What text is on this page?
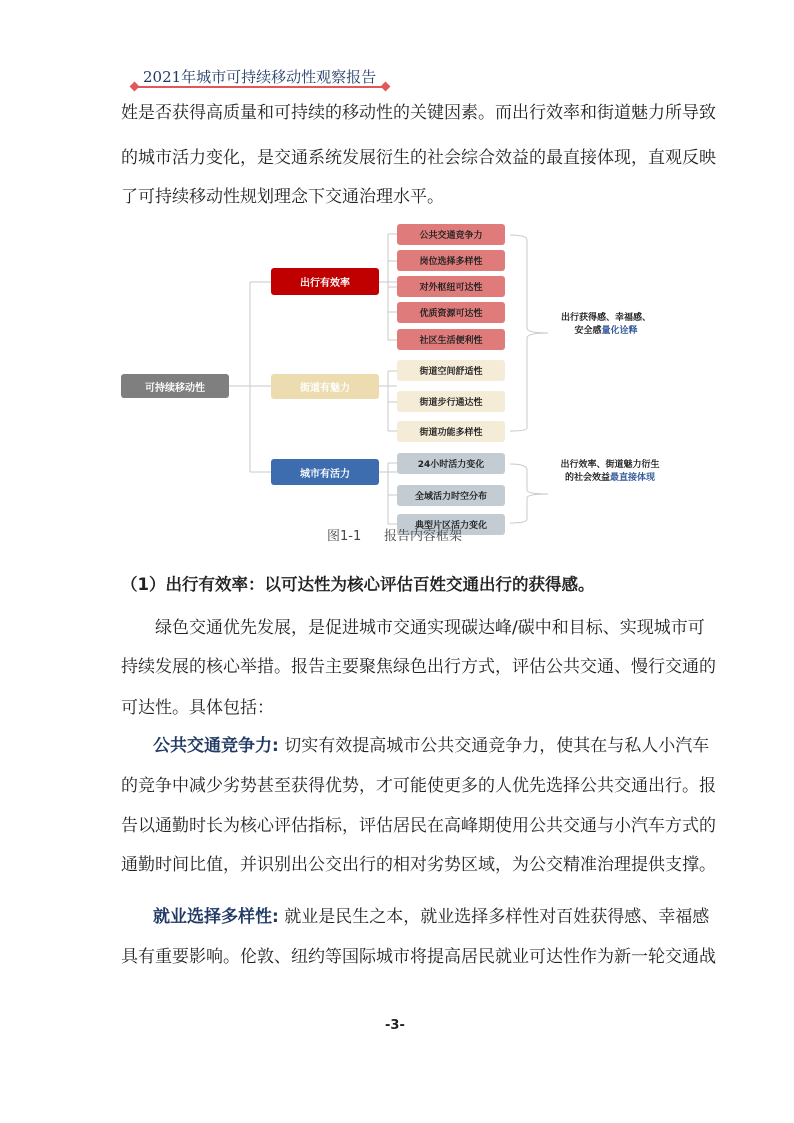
2021年城市可持续移动性观察报告
姓是否获得高质量和可持续的移动性的关键因素。而出行效率和街道魅力所导致
的城市活力变化，是交通系统发展衍生的社会综合效益的最直接体现，直观反映
了可持续移动性规划理念下交通治理水平。
可持续移动性
出行有效率
街道有魅力
城市有活力
公共交通竞争力
岗位选择多样性
对外枢纽可达性
优质资源可达性
社区生活便利性
街道空间舒适性
街道步行通达性
街道功能多样性
24小时活力变化
全域活力时空分布
典型片区活力变化
出行获得感、幸福感、
安全感量化诠释
出行效率、街道魅力衍生
的社会效益最直接体现
图1-1 报告内容框架
（1）出行有效率：以可达性为核心评估百姓交通出行的获得感。
　　绿色交通优先发展，是促进城市交通实现碳达峰/碳中和目标、实现城市可
持续发展的核心举措。报告主要聚焦绿色出行方式，评估公共交通、慢行交通的
可达性。具体包括：
公共交通竞争力: 切实有效提高城市公共交通竞争力，使其在与私人小汽车
的竞争中减少劣势甚至获得优势，才可能使更多的人优先选择公共交通出行。报
告以通勤时长为核心评估指标，评估居民在高峰期使用公共交通与小汽车方式的
通勤时间比值，并识别出公交出行的相对劣势区域，为公交精准治理提供支撑。
就业选择多样性: 就业是民生之本，就业选择多样性对百姓获得感、幸福感
具有重要影响。伦敦、纽约等国际城市将提高居民就业可达性作为新一轮交通战
-3-
